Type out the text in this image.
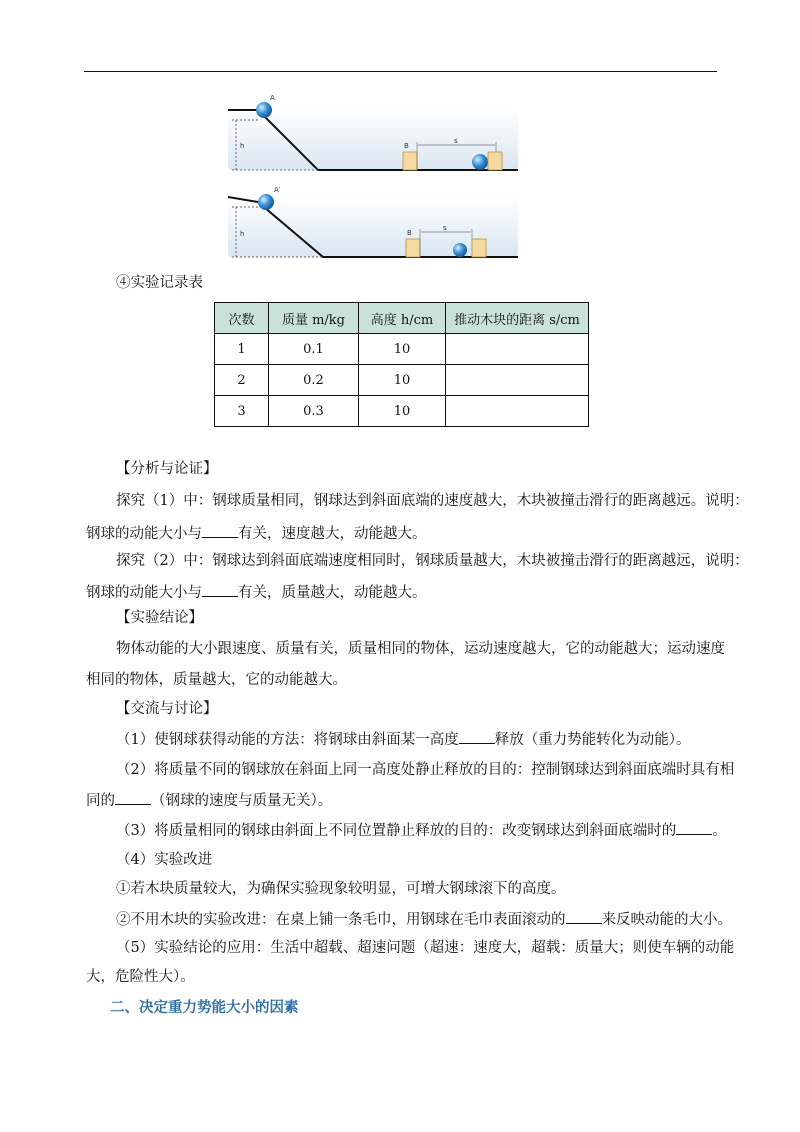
h
A
B
s
h
A′
B
s
④实验记录表
次数	质量 m/kg	高度 h/cm	推动木块的距离 s/cm
1	0.1	10	
2	0.2	10	
3	0.3	10	
【分析与论证】
探究（1）中：钢球质量相同，钢球达到斜面底端的速度越大，木块被撞击滑行的距离越远。说明：
钢球的动能大小与 有关，速度越大，动能越大。
探究（2）中：钢球达到斜面底端速度相同时，钢球质量越大，木块被撞击滑行的距离越远，说明：
钢球的动能大小与 有关，质量越大，动能越大。
【实验结论】
物体动能的大小跟速度、质量有关，质量相同的物体，运动速度越大，它的动能越大；运动速度
相同的物体，质量越大，它的动能越大。
【交流与讨论】
（1）使钢球获得动能的方法：将钢球由斜面某一高度 释放（重力势能转化为动能）。
（2）将质量不同的钢球放在斜面上同一高度处静止释放的目的：控制钢球达到斜面底端时具有相
同的 （钢球的速度与质量无关）。
（3）将质量相同的钢球由斜面上不同位置静止释放的目的：改变钢球达到斜面底端时的 。
（4）实验改进
①若木块质量较大，为确保实验现象较明显，可增大钢球滚下的高度。
②不用木块的实验改进：在桌上铺一条毛巾，用钢球在毛巾表面滚动的 来反映动能的大小。
（5）实验结论的应用：生活中超载、超速问题（超速：速度大，超载：质量大；则使车辆的动能
大，危险性大）。
二、决定重力势能大小的因素
